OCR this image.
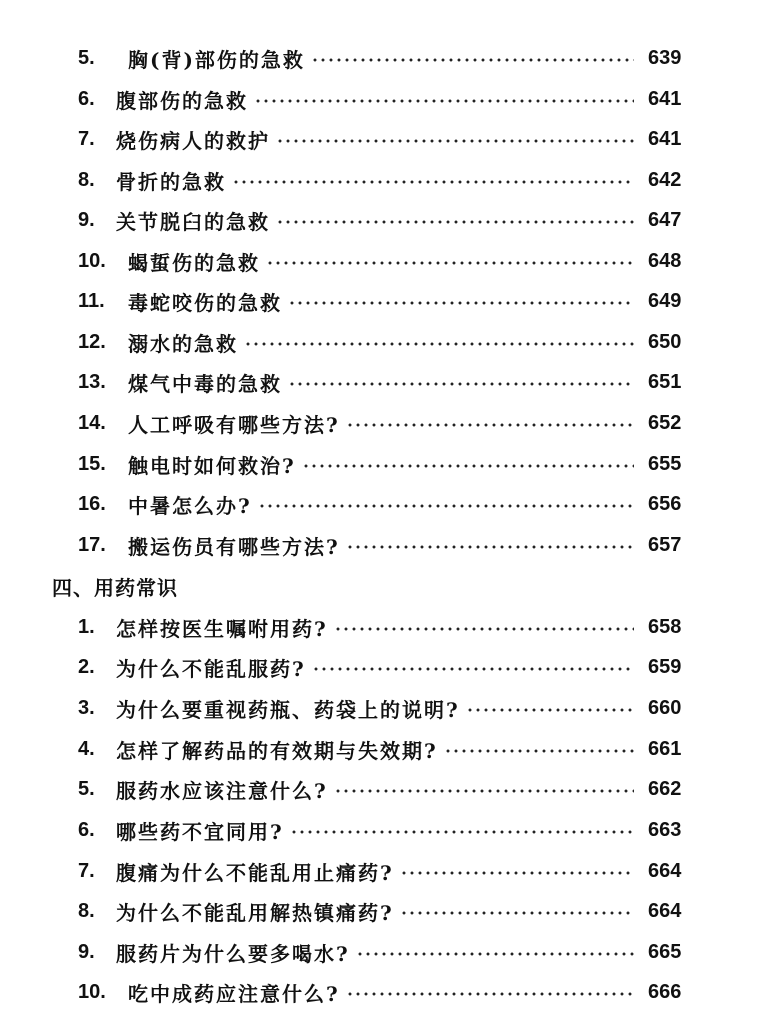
5.	胸(背)部伤的急救	639
6.	腹部伤的急救	641
7.	烧伤病人的救护	641
8.	骨折的急救	642
9.	关节脱臼的急救	647
10.	蝎蜇伤的急救	648
11.	毒蛇咬伤的急救	649
12.	溺水的急救	650
13.	煤气中毒的急救	651
14.	人工呼吸有哪些方法?	652
15.	触电时如何救治?	655
16.	中暑怎么办?	656
17.	搬运伤员有哪些方法?	657
四、用药常识
1.	怎样按医生嘱咐用药?	658
2.	为什么不能乱服药?	659
3.	为什么要重视药瓶、药袋上的说明?	660
4.	怎样了解药品的有效期与失效期?	661
5.	服药水应该注意什么?	662
6.	哪些药不宜同用?	663
7.	腹痛为什么不能乱用止痛药?	664
8.	为什么不能乱用解热镇痛药?	664
9.	服药片为什么要多喝水?	665
10.	吃中成药应注意什么?	666
